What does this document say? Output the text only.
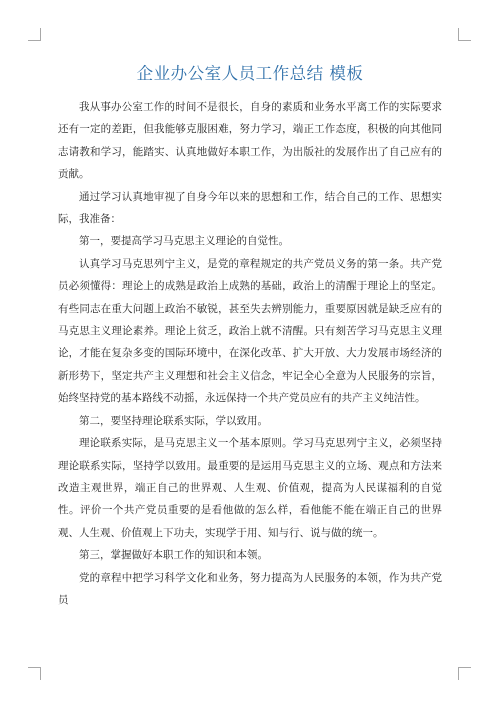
企业办公室人员工作总结 模板

我从事办公室工作的时间不是很长，自身的素质和业务水平离工作的实际要求还有一定的差距，但我能够克服困难，努力学习，端正工作态度，积极的向其他同志请教和学习，能踏实、认真地做好本职工作，为出版社的发展作出了自己应有的贡献。

通过学习认真地审视了自身今年以来的思想和工作，结合自己的工作、思想实际，我准备：

第一，要提高学习马克思主义理论的自觉性。

认真学习马克思列宁主义，是党的章程规定的共产党员义务的第一条。共产党员必须懂得：理论上的成熟是政治上成熟的基础，政治上的清醒于理论上的坚定。有些同志在重大问题上政治不敏锐，甚至失去辨别能力，重要原因就是缺乏应有的马克思主义理论素养。理论上贫乏，政治上就不清醒。只有刻苦学习马克思主义理论，才能在复杂多变的国际环境中，在深化改革、扩大开放、大力发展市场经济的新形势下，坚定共产主义理想和社会主义信念，牢记全心全意为人民服务的宗旨，始终坚持党的基本路线不动摇，永远保持一个共产党员应有的共产主义纯洁性。

第二，要坚持理论联系实际，学以致用。

理论联系实际，是马克思主义一个基本原则。学习马克思列宁主义，必须坚持理论联系实际，坚持学以致用。最重要的是运用马克思主义的立场、观点和方法来改造主观世界，端正自己的世界观、人生观、价值观，提高为人民谋福利的自觉性。评价一个共产党员重要的是看他做的怎么样，看他能不能在端正自己的世界观、人生观、价值观上下功夫，实现学于用、知与行、说与做的统一。

第三，掌握做好本职工作的知识和本领。

党的章程中把学习科学文化和业务，努力提高为人民服务的本领，作为共产党员
